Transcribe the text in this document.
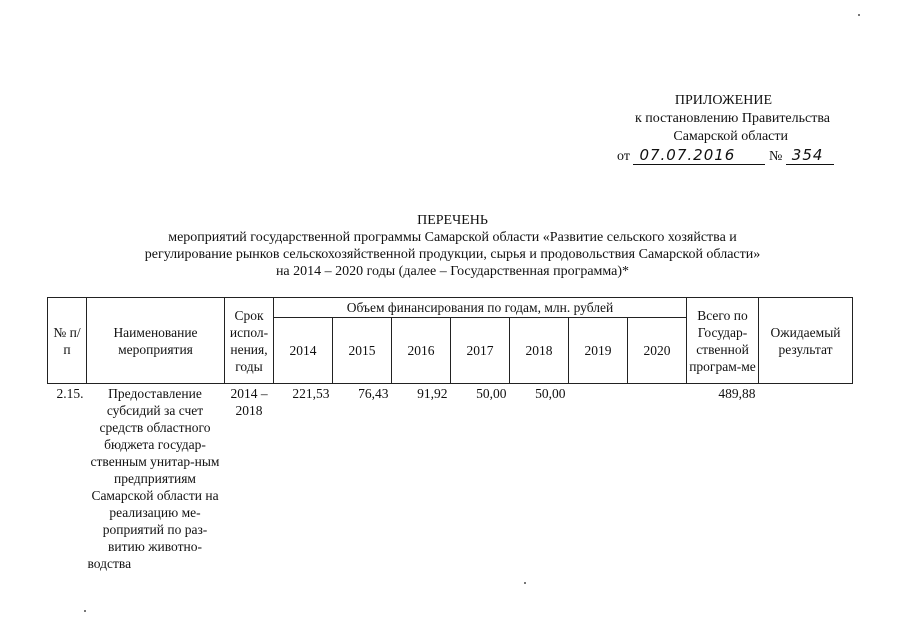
ПРИЛОЖЕНИЕ
к постановлению Правительства
Самарской области
от 07.07.2016 № 354
ПЕРЕЧЕНЬ
мероприятий государственной программы Самарской области «Развитие сельского хозяйства и
регулирование рынков сельскохозяйственной продукции, сырья и продовольствия Самарской области»
на 2014 – 2020 годы (далее – Государственная программа)*
№ п/п	Наименование мероприятия	Срок испол-нения, годы	Объем финансирования по годам, млн. рублей							Всего по Государ-ственной програм-ме	Ожидаемый результат
			2014	2015	2016	2017	2018	2019	2020		
2.15.	Предоставление субсидий за счет средств областного бюджета государ-ственным унитар-ным предприятиям Самарской области на реализацию ме-роприятий по раз-витию животно-водства	2014 – 2018	221,53	76,43	91,92	50,00	50,00			489,88	
